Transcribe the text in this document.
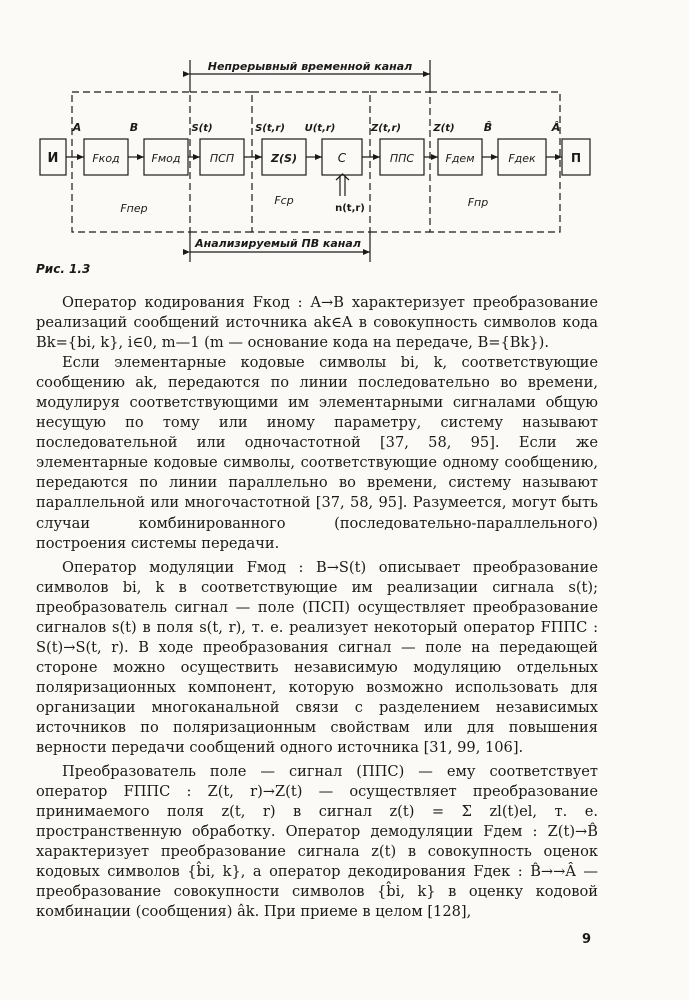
Непрерывный временной канал
Анализируемый ПВ канал
И	Fкод	Fмод	ПСП	Z(S)	С	ППС	Fдем	Fдек	П
A	B	S(t)	S(t,r) U(t,r)	Z(t,r)	Z(t)	B̂	Â
Fпер
Fср	Fпр
n(t,r)
Рис. 1.3

Оператор кодирования Fкод : A→B характеризует преобразование реализаций сообщений источника ak∈A в совокупность символов кода Bk={bi, k}, i∈0, m—1 (m — основание кода на передаче, B={Bk}).

Если элементарные кодовые символы bi, k, соответствующие сообщению ak, передаются по линии последовательно во времени, модулируя соответствующими им элементарными сигналами общую несущую по тому или иному параметру, систему называют последовательной или одночастотной [37, 58, 95]. Если же элементарные кодовые символы, соответствующие одному сообщению, передаются по линии параллельно во времени, систему называют параллельной или многочастотной [37, 58, 95]. Разумеется, могут быть случаи комбинированного (последовательно-параллельного) построения системы передачи.

Оператор модуляции Fмод : B→S(t) описывает преобразование символов bi, k в соответствующие им реализации сигнала s(t); преобразователь сигнал — поле (ПСП) осуществляет преобразование сигналов s(t) в поля s(t, r), т. е. реализует некоторый оператор FППС : S(t)→S(t, r). В ходе преобразования сигнал — поле на передающей стороне можно осуществить независимую модуляцию отдельных поляризационных компонент, которую возможно использовать для организации многоканальной связи с разделением независимых источников по поляризационным свойствам или для повышения верности передачи сообщений одного источника [31, 99, 106].

Преобразователь поле — сигнал (ППС) — ему соответствует оператор FППС : Z(t, r)→Z(t) — осуществляет преобразование принимаемого поля z(t, r) в сигнал z(t) = Σ zl(t)el, т. е. пространственную обработку. Оператор демодуляции Fдем : Z(t)→B̂ характеризует преобразование сигнала z(t) в совокупность оценок кодовых символов {b̂i, k}, а оператор декодирования Fдек : B̂→→Â — преобразование совокупности символов {b̂i, k} в оценку кодовой комбинации (сообщения) âk. При приеме в целом [128],

9
